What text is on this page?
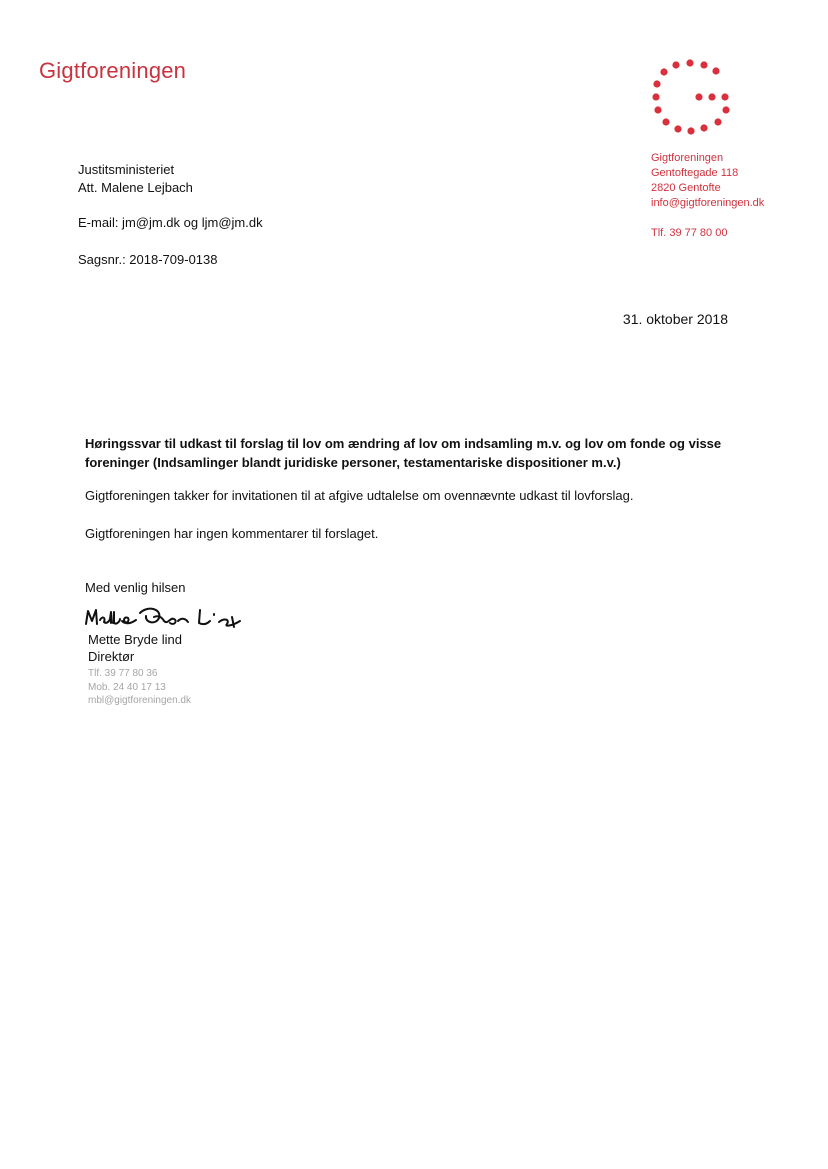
Gigtforeningen
Gigtforeningen
Gentoftegade 118
2820 Gentofte
info@gigtforeningen.dk
Tlf. 39 77 80 00
Justitsministeriet
Att. Malene Lejbach
E-mail: jm@jm.dk og ljm@jm.dk
Sagsnr.: 2018-709-0138
31. oktober 2018
Høringssvar til udkast til forslag til lov om ændring af lov om indsamling m.v. og lov om fonde og visse foreninger (Indsamlinger blandt juridiske personer, testamentariske dispositioner m.v.)
Gigtforeningen takker for invitationen til at afgive udtalelse om ovennævnte udkast til lovforslag.
Gigtforeningen har ingen kommentarer til forslaget.
Med venlig hilsen
Mette Bryde lind
Direktør
Tlf. 39 77 80 36
Mob. 24 40 17 13
mbl@gigtforeningen.dk
